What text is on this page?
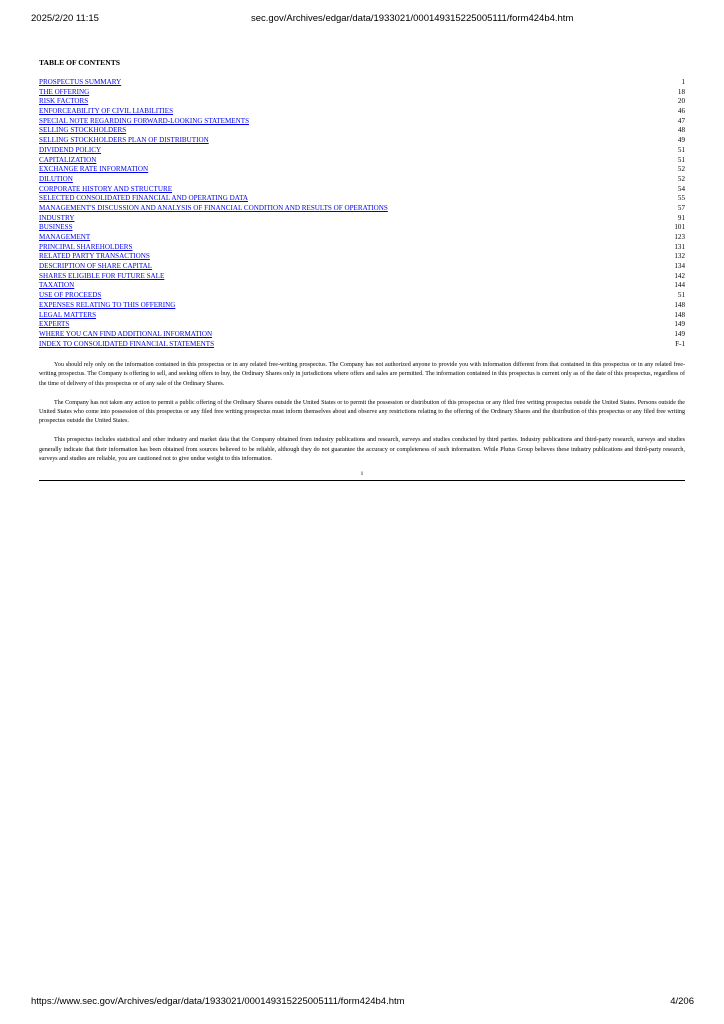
2025/2/20 11:15	sec.gov/Archives/edgar/data/1933021/000149315225005111/form424b4.htm
TABLE OF CONTENTS
PROSPECTUS SUMMARY	1
THE OFFERING	18
RISK FACTORS	20
ENFORCEABILITY OF CIVIL LIABILITIES	46
SPECIAL NOTE REGARDING FORWARD-LOOKING STATEMENTS	47
SELLING STOCKHOLDERS	48
SELLING STOCKHOLDERS PLAN OF DISTRIBUTION	49
DIVIDEND POLICY	51
CAPITALIZATION	51
EXCHANGE RATE INFORMATION	52
DILUTION	52
CORPORATE HISTORY AND STRUCTURE	54
SELECTED CONSOLIDATED FINANCIAL AND OPERATING DATA	55
MANAGEMENT'S DISCUSSION AND ANALYSIS OF FINANCIAL CONDITION AND RESULTS OF OPERATIONS	57
INDUSTRY	91
BUSINESS	101
MANAGEMENT	123
PRINCIPAL SHAREHOLDERS	131
RELATED PARTY TRANSACTIONS	132
DESCRIPTION OF SHARE CAPITAL	134
SHARES ELIGIBLE FOR FUTURE SALE	142
TAXATION	144
USE OF PROCEEDS	51
EXPENSES RELATING TO THIS OFFERING	148
LEGAL MATTERS	148
EXPERTS	149
WHERE YOU CAN FIND ADDITIONAL INFORMATION	149
INDEX TO CONSOLIDATED FINANCIAL STATEMENTS	F-1

You should rely only on the information contained in this prospectus or in any related free-writing prospectus. The Company has not authorized anyone to provide you with information different from that contained in this prospectus or in any related free-writing prospectus. The Company is offering to sell, and seeking offers to buy, the Ordinary Shares only in jurisdictions where offers and sales are permitted. The information contained in this prospectus is current only as of the date of this prospectus, regardless of the time of delivery of this prospectus or of any sale of the Ordinary Shares.

The Company has not taken any action to permit a public offering of the Ordinary Shares outside the United States or to permit the possession or distribution of this prospectus or any filed free writing prospectus outside the United States. Persons outside the United States who come into possession of this prospectus or any filed free writing prospectus must inform themselves about and observe any restrictions relating to the offering of the Ordinary Shares and the distribution of this prospectus or any filed free writing prospectus outside the United States.

This prospectus includes statistical and other industry and market data that the Company obtained from industry publications and research, surveys and studies conducted by third parties. Industry publications and third-party research, surveys and studies generally indicate that their information has been obtained from sources believed to be reliable, although they do not guarantee the accuracy or completeness of such information. While Plutus Group believes these industry publications and third-party research, surveys and studies are reliable, you are cautioned not to give undue weight to this information.

i
https://www.sec.gov/Archives/edgar/data/1933021/000149315225005111/form424b4.htm	4/206
